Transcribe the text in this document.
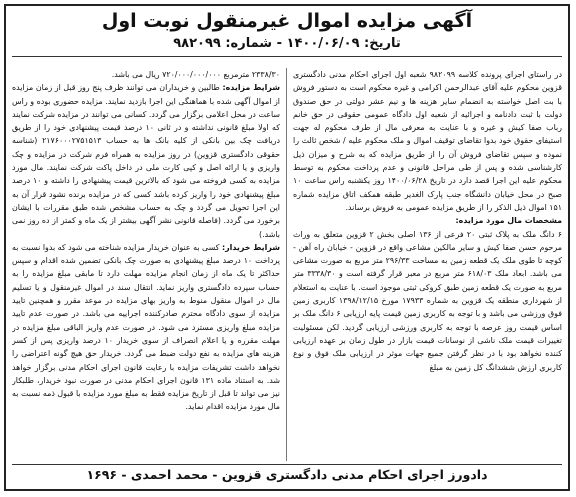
آگهی مزایده اموال غیرمنقول نوبت اول
تاریخ: ۱۴۰۰/۰۶/۰۹ - شماره: ۹۸۲۰۹۹

در راستای اجرای پرونده کلاسه ۹۸۲۰۹۹ شعبه اول اجرای احکام مدنی دادگستری قزوین محکوم علیه آقای عبدالرحمن اکرامی و غیره محکوم است به دستور فروش با بت اصل خواسته به انضمام سایر هزینه ها و نیم عشر دولتی در حق صندوق دولت با ثبت دادنامه و اجرائیه از شعبه اول دادگاه عمومی حقوقی در حق خانم رباب صفا کیش و غیره و با عنایت به معرفی مال از طرف محکوم له جهت استیفای حقوق خود بدوا تقاضای توقیف اموال و ملک محکوم علیه / شخص ثالث را نموده و سپس تقاضای فروش آن را از طریق مزایده که به شرح و میزان ذیل کارشناسی شده و پس از طی مراحل قانونی و عدم پرداخت محکوم به توسط محکوم علیه این اجرا قصد دارد در تاریخ ۱۴۰۰/۰۶/۲۸ روز یکشنبه راس ساعت ۱۰ صبح در محل خیابان دانشگاه جنب پارک الغدیر طبقه همکف اتاق مزایده شماره ۱۵۱ اموال ذیل الذکر را از طریق مزایده عمومی به فروش برساند.

مشخصات مال مورد مزایده:

۶ دانگ ملک به پلاک ثبتی ۲۰ فرعی از ۱۳۶ اصلی بخش ۲ قزوین متعلق به وراث مرحوم حسن صفا کیش و سایر مالکین مشاعی واقع در قزوین - خیابان راه آهن - کوچه تا طوی ملک یک قطعه زمین به مساحت ۲۹۶/۳۳ متر مربع به صورت مشاعی می باشد. ابعاد ملک ۶۱۸/۰۳ متر مربع در معبر قرار گرفته است و ۳۳۳۸/۳۰ متر مربع به صورت یک قطعه زمین طبق کروکی ثبتی موجود است. با عنایت به استعلام از شهرداری منطقه یک قزوین به شماره ۱۷۹۳۳ مورخ ۱۳۹۸/۱۲/۱۵ کاربری زمین فوق ورزشی می باشد و با توجه به کاربری زمین قیمت پایه ارزیابی ۶ دانگ ملک بر اساس قیمت روز عرصه با توجه به کاربری ورزشی ارزیابی گردید. لکن مسئولیت تغییرات قیمت ملک ناشی از نوسانات قیمت بازار در طول زمان بر عهده ارزیابی کننده نخواهد بود با در نظر گرفتن جمیع جهات موثر در ارزیابی ملک فوق و نوع کاربری ارزش ششدانگ کل زمین به مبلغ

۲۳۳۸/۳۰ مترمربع ۷۲۰/۰۰۰/۰۰۰/۰۰۰ ریال می باشد.

شرایط مزایده: طالبین و خریداران می توانند ظرف پنج روز قبل از زمان مزایده از اموال آگهی شده با هماهنگی این اجرا بازدید نمایند. مزایده حضوری بوده و راس ساعت در محل اعلامی برگزار می گردد. کسانی می توانند در مزایده شرکت نمایند که اولا مبلغ قانونی نداشته و در ثانی ۱۰ درصد قیمت پیشنهادی خود را از طریق دریافت چک بین بانکی از کلیه بانک ها به حساب ۲۱۷۶۰۰۰۲۷۵۱۵۱۳ (شناسه حقوقی دادگستری قزوین) در روز مزایده به همراه فرم شرکت در مزایده و چک واریزی و یا ارائه اصل و کپی کارت ملی در داخل پاکت شرکت نمایند. مال مورد مزایده به کسی فروخته می شود که بالاترین قیمت پیشنهادی را داشته و ۱۰ درصد مبلغ پیشنهادی خود را واریز کرده باشد کسی که در مزایده برنده نشود قرار آن به این اجرا تحویل می گردد و چک به حساب مشخص شده طبق مقررات با ایشان برخورد می گردد. (فاصله قانونی نشر آگهی بیشتر از یک ماه و کمتر از ده روز نمی باشد.)

شرایط خریدار: کسی به عنوان خریدار مزایده شناخته می شود که بدوا نسبت به پرداخت ۱۰ درصد مبلغ پیشنهادی به صورت چک بانکی تضمین شده اقدام و سپس حداکثر تا یک ماه از زمان انجام مزایده مهلت دارد تا مابقی مبلغ مزایده را به حساب سپرده دادگستری واریز نماید. انتقال سند در اموال غیرمنقول و یا تسلیم مال در اموال منقول منوط به واریز بهای مزایده در موعد مقرر و همچنین تایید مزایده از سوی دادگاه محترم صادرکننده اجراییه می باشد. در صورت عدم تایید مزایده مبلغ واریزی مسترد می شود. در صورت عدم واریز الباقی مبلغ مزایده در مهلت مقرره و یا اعلام انصراف از سوی خریدار ۱۰ درصد واریزی پس از کسر هزینه های مزایده به نفع دولت ضبط می گردد. خریدار حق هیچ گونه اعتراضی را نخواهد داشت تشریفات مزایده با رعایت قانون اجرای احکام مدنی برگزار خواهد شد. به استناد ماده ۱۳۱ قانون اجرای احکام مدنی در صورت نبود خریدار، طلبکار نیز می تواند تا قبل از تاریخ مزایده فقط به مبلغ مورد مزایده با قبول ذمه نسبت به مال مورد مزایده اقدام نماید.

دادورز اجرای احکام مدنی دادگستری قزوین - محمد احمدی - ۱۶۹۶
